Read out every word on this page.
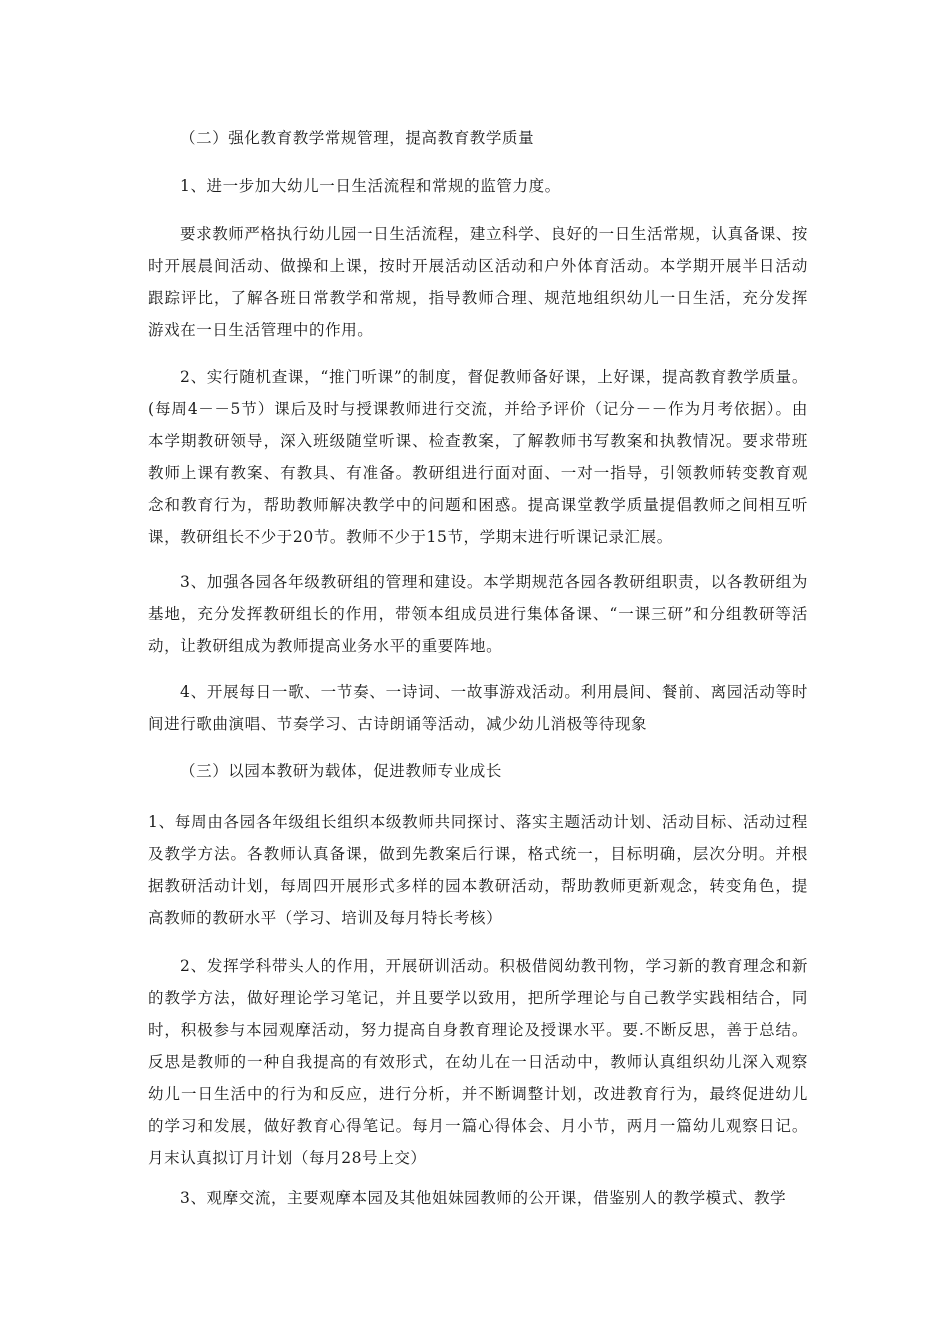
（二）强化教育教学常规管理，提高教育教学质量

1、进一步加大幼儿一日生活流程和常规的监管力度。

要求教师严格执行幼儿园一日生活流程，建立科学、良好的一日生活常规，认真备课、按时开展晨间活动、做操和上课，按时开展活动区活动和户外体育活动。本学期开展半日活动跟踪评比，了解各班日常教学和常规，指导教师合理、规范地组织幼儿一日生活，充分发挥游戏在一日生活管理中的作用。

2、实行随机查课，“推门听课”的制度，督促教师备好课，上好课，提高教育教学质量。(每周4－－5节）课后及时与授课教师进行交流，并给予评价（记分－－作为月考依据）。由本学期教研领导，深入班级随堂听课、检查教案，了解教师书写教案和执教情况。要求带班教师上课有教案、有教具、有准备。教研组进行面对面、一对一指导，引领教师转变教育观念和教育行为，帮助教师解决教学中的问题和困惑。提高课堂教学质量提倡教师之间相互听课，教研组长不少于20节。教师不少于15节，学期末进行听课记录汇展。

3、加强各园各年级教研组的管理和建设。本学期规范各园各教研组职责，以各教研组为基地，充分发挥教研组长的作用，带领本组成员进行集体备课、“一课三研”和分组教研等活动，让教研组成为教师提高业务水平的重要阵地。

4、开展每日一歌、一节奏、一诗词、一故事游戏活动。利用晨间、餐前、离园活动等时间进行歌曲演唱、节奏学习、古诗朗诵等活动，减少幼儿消极等待现象

（三）以园本教研为载体，促进教师专业成长

1、每周由各园各年级组长组织本级教师共同探讨、落实主题活动计划、活动目标、活动过程及教学方法。各教师认真备课，做到先教案后行课，格式统一，目标明确，层次分明。并根据教研活动计划，每周四开展形式多样的园本教研活动，帮助教师更新观念，转变角色，提高教师的教研水平（学习、培训及每月特长考核）

2、发挥学科带头人的作用，开展研训活动。积极借阅幼教刊物，学习新的教育理念和新的教学方法，做好理论学习笔记，并且要学以致用，把所学理论与自己教学实践相结合，同时，积极参与本园观摩活动，努力提高自身教育理论及授课水平。要.不断反思，善于总结。反思是教师的一种自我提高的有效形式，在幼儿在一日活动中，教师认真组织幼儿深入观察幼儿一日生活中的行为和反应，进行分析，并不断调整计划，改进教育行为，最终促进幼儿的学习和发展，做好教育心得笔记。每月一篇心得体会、月小节，两月一篇幼儿观察日记。月末认真拟订月计划（每月28号上交）

3、观摩交流，主要观摩本园及其他姐妹园教师的公开课，借鉴别人的教学模式、教学
